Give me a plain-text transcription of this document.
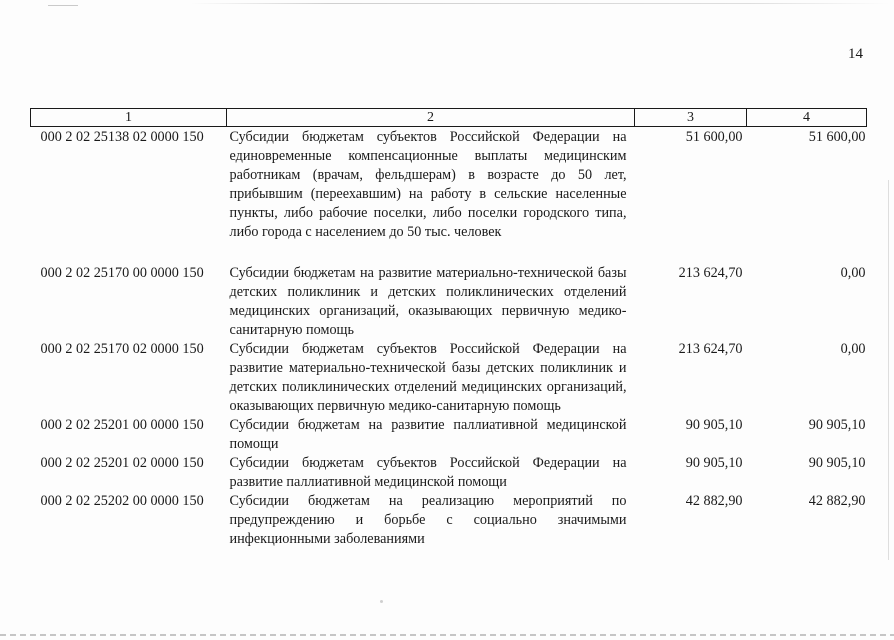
14
1	2	3	4
000 2 02 25138 02 0000 150	Субсидии бюджетам субъектов Российской Федерации на единовременные компенсационные выплаты медицинским работникам (врачам, фельдшерам) в возрасте до 50 лет, прибывшим (переехавшим) на работу в сельские населенные пункты, либо рабочие поселки, либо поселки городского типа, либо города с населением до 50 тыс. человек	51 600,00	51 600,00
000 2 02 25170 00 0000 150	Субсидии бюджетам на развитие материально-технической базы детских поликлиник и детских поликлинических отделений медицинских организаций, оказывающих первичную медико-санитарную помощь	213 624,70	0,00
000 2 02 25170 02 0000 150	Субсидии бюджетам субъектов Российской Федерации на развитие материально-технической базы детских поликлиник и детских поликлинических отделений медицинских организаций, оказывающих первичную медико-санитарную помощь	213 624,70	0,00
000 2 02 25201 00 0000 150	Субсидии бюджетам на развитие паллиативной медицинской помощи	90 905,10	90 905,10
000 2 02 25201 02 0000 150	Субсидии бюджетам субъектов Российской Федерации на развитие паллиативной медицинской помощи	90 905,10	90 905,10
000 2 02 25202 00 0000 150	Субсидии бюджетам на реализацию мероприятий по предупреждению и борьбе с социально значимыми инфекционными заболеваниями	42 882,90	42 882,90
